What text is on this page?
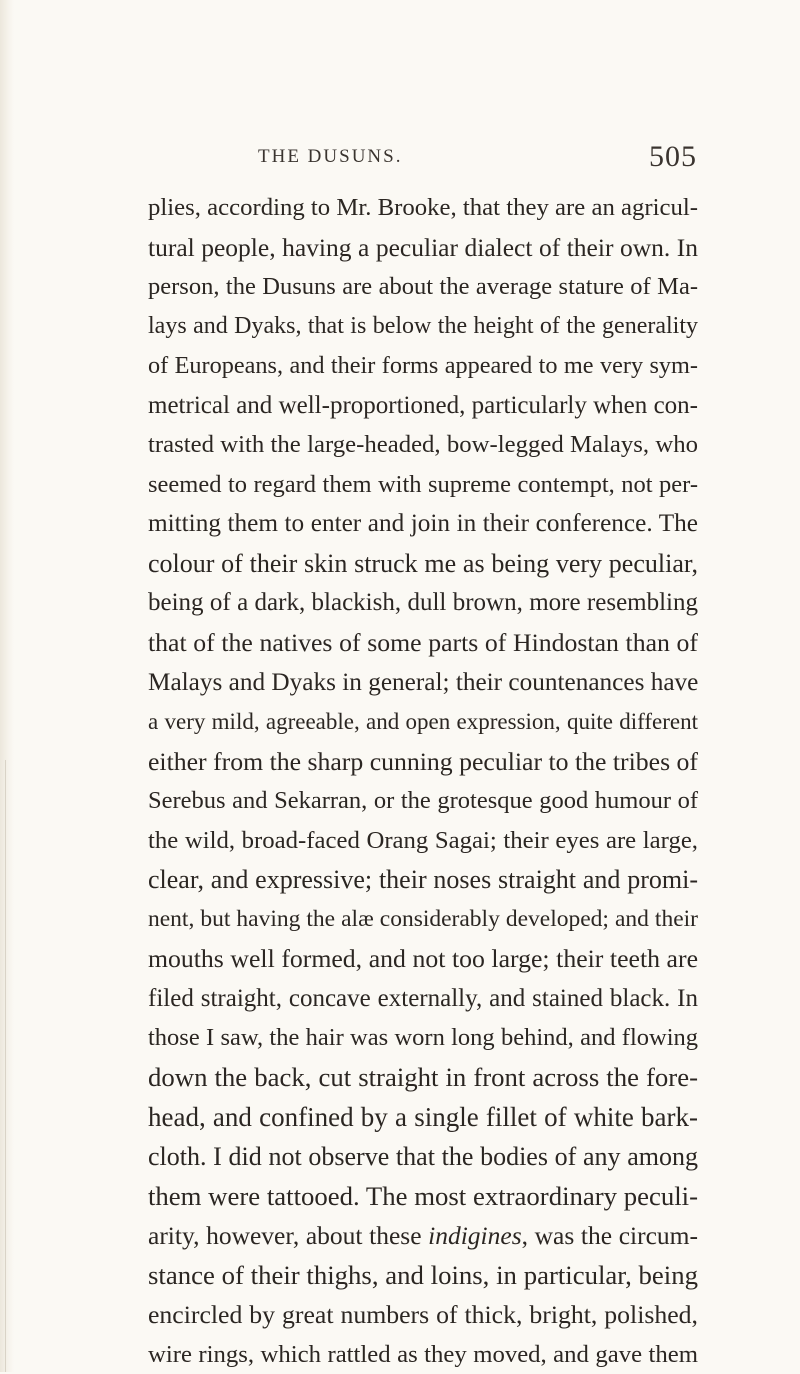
THE DUSUNS.	505
plies, according to Mr. Brooke, that they are an agricul-
tural people, having a peculiar dialect of their own. In
person, the Dusuns are about the average stature of Ma-
lays and Dyaks, that is below the height of the generality
of Europeans, and their forms appeared to me very sym-
metrical and well-proportioned, particularly when con-
trasted with the large-headed, bow-legged Malays, who
seemed to regard them with supreme contempt, not per-
mitting them to enter and join in their conference. The
colour of their skin struck me as being very peculiar,
being of a dark, blackish, dull brown, more resembling
that of the natives of some parts of Hindostan than of
Malays and Dyaks in general; their countenances have
a very mild, agreeable, and open expression, quite different
either from the sharp cunning peculiar to the tribes of
Serebus and Sekarran, or the grotesque good humour of
the wild, broad-faced Orang Sagai; their eyes are large,
clear, and expressive; their noses straight and promi-
nent, but having the alæ considerably developed; and their
mouths well formed, and not too large; their teeth are
filed straight, concave externally, and stained black. In
those I saw, the hair was worn long behind, and flowing
down the back, cut straight in front across the fore-
head, and confined by a single fillet of white bark-
cloth. I did not observe that the bodies of any among
them were tattooed. The most extraordinary peculi-
arity, however, about these indigines, was the circum-
stance of their thighs, and loins, in particular, being
encircled by great numbers of thick, bright, polished,
wire rings, which rattled as they moved, and gave them
